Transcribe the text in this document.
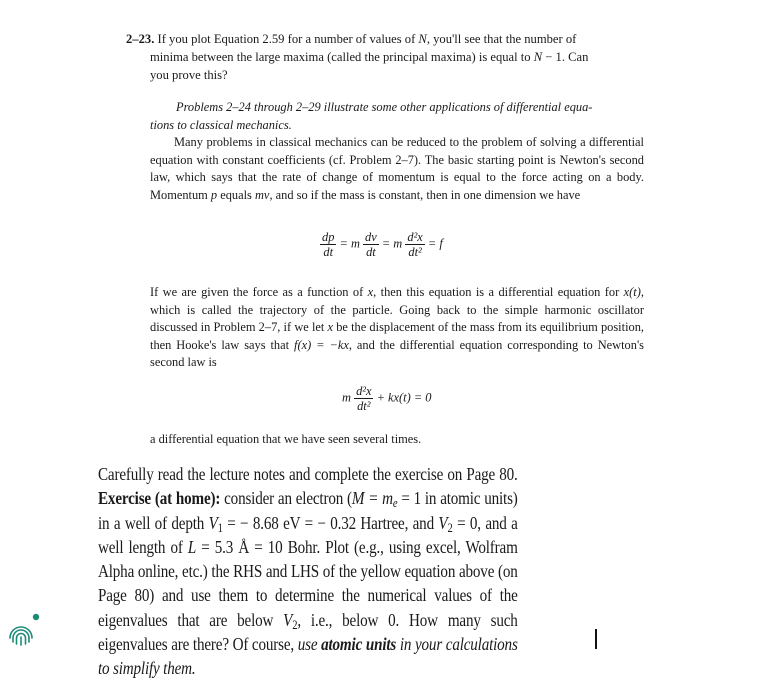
2–23. If you plot Equation 2.59 for a number of values of N, you'll see that the number of
minima between the large maxima (called the principal maxima) is equal to N − 1. Can
you prove this?
Problems 2–24 through 2–29 illustrate some other applications of differential equa-
tions to classical mechanics.
Many problems in classical mechanics can be reduced to the problem of solving a differential equation with constant coefficients (cf. Problem 2–7). The basic starting point is Newton's second law, which says that the rate of change of momentum is equal to the force acting on a body. Momentum p equals mv, and so if the mass is constant, then in one dimension we have
$\frac{dp}{dt} = m \frac{dv}{dt} = m \frac{\text{d²x}}{\text{dt²}} = f$
If we are given the force as a function of x, then this equation is a differential equation for x(t), which is called the trajectory of the particle. Going back to the simple harmonic oscillator discussed in Problem 2–7, if we let x be the displacement of the mass from its equilibrium position, then Hooke's law says that f(x) = −kx, and the differential equation corresponding to Newton's second law is
m $\frac{\text{d²x}}{\text{dt²}} + kx(t) = 0$
a differential equation that we have seen several times.
Carefully read the lecture notes and complete the exercise on Page 80. Exercise (at home): consider an electron ($M = m_e = 1$ in atomic units) in a well of depth $V_1$ = − 8.68 eV = − 0.32 Hartree, and $V_2 = 0$, and a well length of L = 5.3 Å = 10 Bohr. Plot (e.g., using excel, Wolfram Alpha online, etc.) the RHS and LHS of the yellow equation above (on Page 80) and use them to determine the numerical values of the eigenvalues that are below $V_2$, i.e., below 0. How many such eigenvalues are there? Of course, use atomic units in your calculations to simplify them.
